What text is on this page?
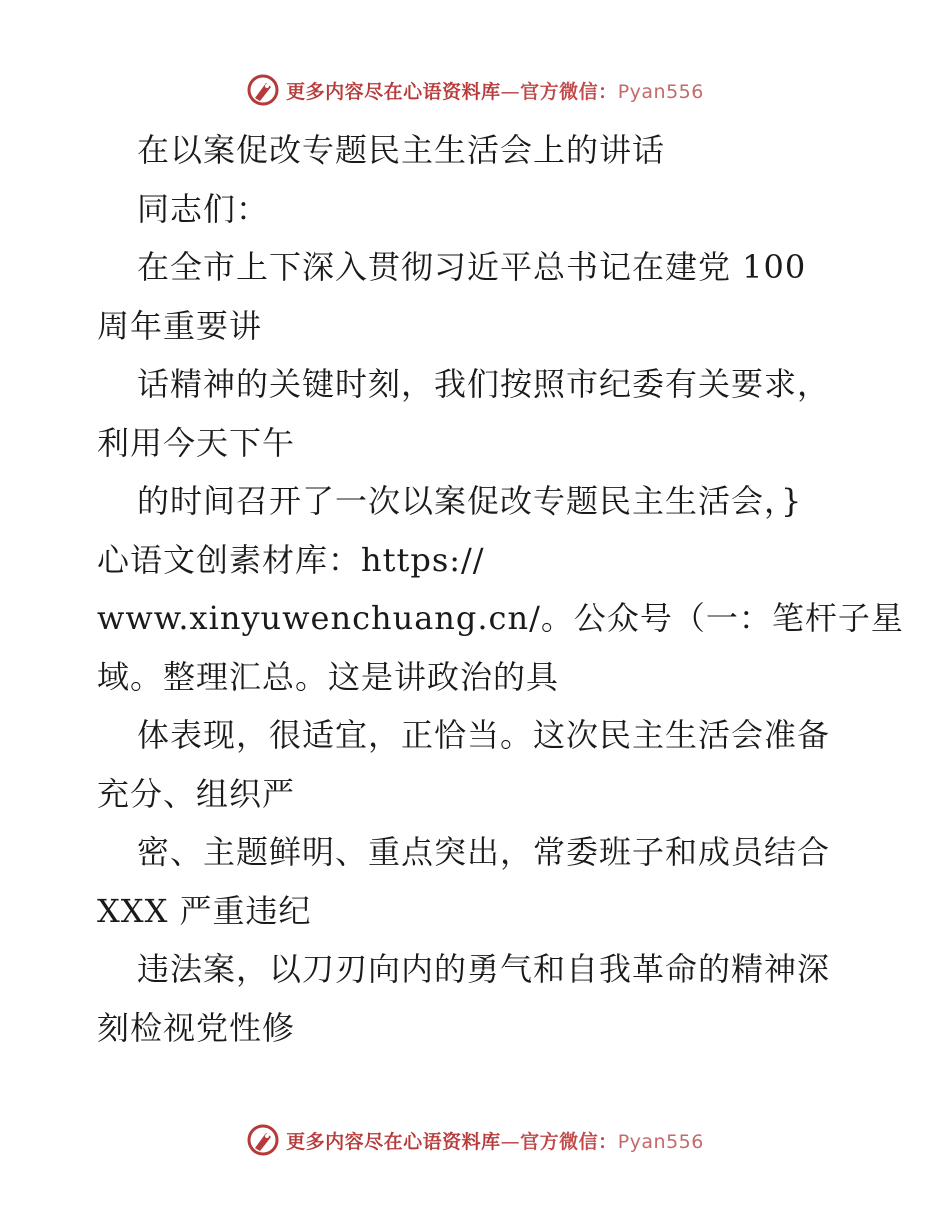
更多内容尽在心语资料库—官方微信：Pyan556
在以案促改专题民主生活会上的讲话
同志们：
在全市上下深入贯彻习近平总书记在建党 100
周年重要讲
话精神的关键时刻，我们按照市纪委有关要求，
利用今天下午
的时间召开了一次以案促改专题民主生活会，}
心语文创素材库：https://
www.xinyuwenchuang.cn/。公众号（一：笔杆子星
域。整理汇总。这是讲政治的具
体表现，很适宜，正恰当。这次民主生活会准备
充分、组织严
密、主题鲜明、重点突出，常委班子和成员结合
XXX 严重违纪
违法案，以刀刃向内的勇气和自我革命的精神深
刻检视党性修
更多内容尽在心语资料库—官方微信：Pyan556
